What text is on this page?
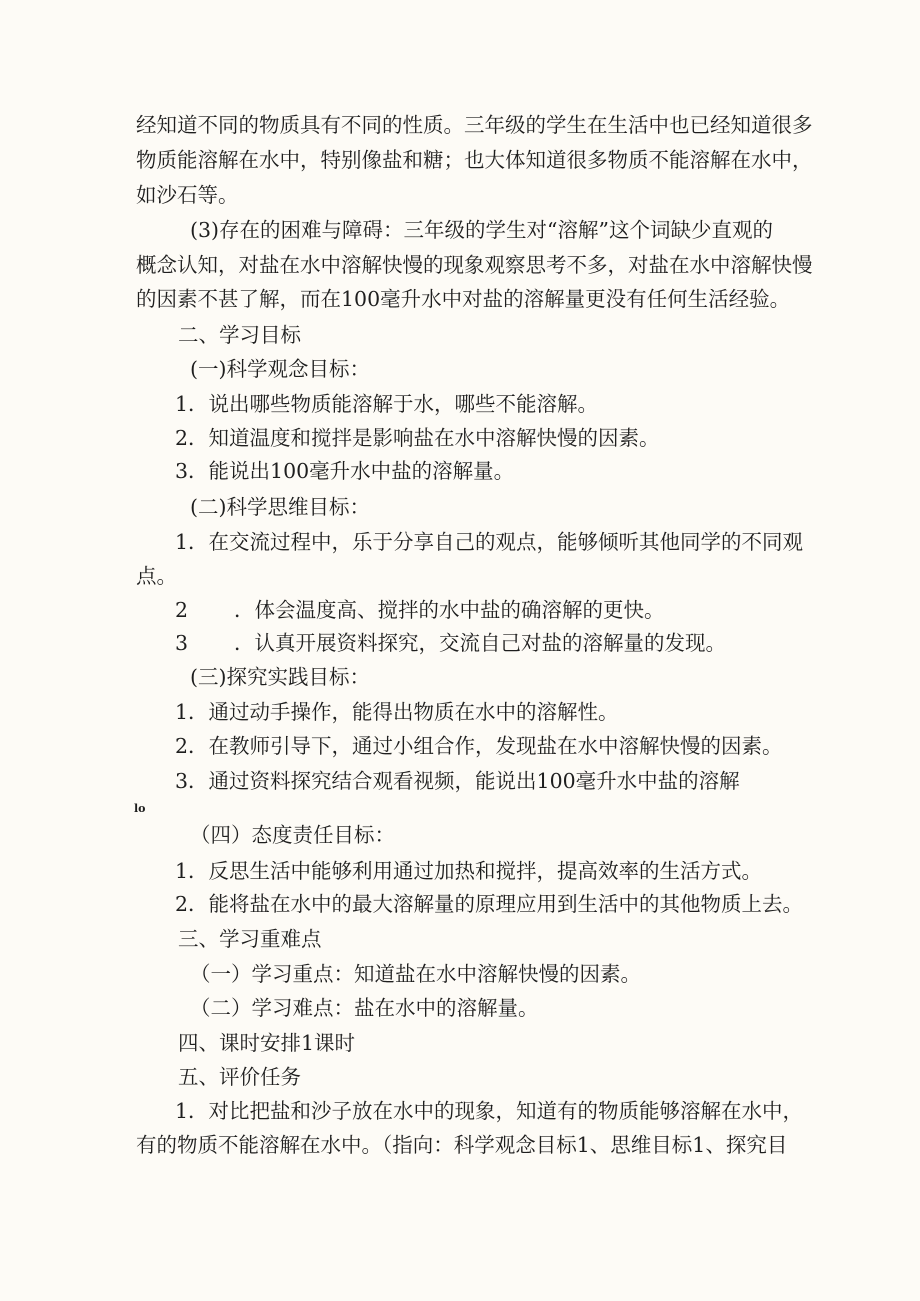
经知道不同的物质具有不同的性质。三年级的学生在生活中也已经知道很多
物质能溶解在水中，特别像盐和糖；也大体知道很多物质不能溶解在水中，
如沙石等。
(3)存在的困难与障碍：三年级的学生对“溶解”这个词缺少直观的
概念认知，对盐在水中溶解快慢的现象观察思考不多，对盐在水中溶解快慢
的因素不甚了解，而在100毫升水中对盐的溶解量更没有任何生活经验。
二、学习目标
(一)科学观念目标：
1．说出哪些物质能溶解于水，哪些不能溶解。
2．知道温度和搅拌是影响盐在水中溶解快慢的因素。
3．能说出100毫升水中盐的溶解量。
(二)科学思维目标：
1．在交流过程中，乐于分享自己的观点，能够倾听其他同学的不同观
点。
2 ．体会温度高、搅拌的水中盐的确溶解的更快。
3 ．认真开展资料探究，交流自己对盐的溶解量的发现。
(三)探究实践目标：
1．通过动手操作，能得出物质在水中的溶解性。
2．在教师引导下，通过小组合作，发现盐在水中溶解快慢的因素。
3．通过资料探究结合观看视频，能说出100毫升水中盐的溶解
lo
（四）态度责任目标：
1．反思生活中能够利用通过加热和搅拌，提高效率的生活方式。
2．能将盐在水中的最大溶解量的原理应用到生活中的其他物质上去。
三、学习重难点
（一）学习重点：知道盐在水中溶解快慢的因素。
（二）学习难点：盐在水中的溶解量。
四、课时安排1课时
五、评价任务
1．对比把盐和沙子放在水中的现象，知道有的物质能够溶解在水中，
有的物质不能溶解在水中。（指向：科学观念目标1、思维目标1、探究目
